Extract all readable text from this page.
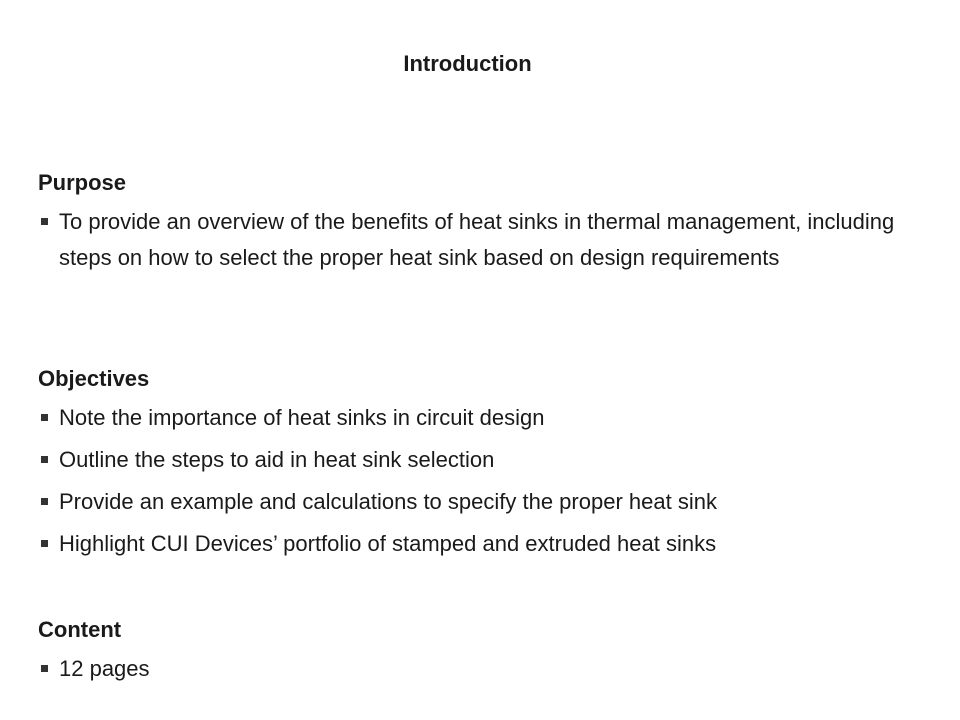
Introduction
Purpose
To provide an overview of the benefits of heat sinks in thermal management, including steps on how to select the proper heat sink based on design requirements
Objectives
Note the importance of heat sinks in circuit design
Outline the steps to aid in heat sink selection
Provide an example and calculations to specify the proper heat sink
Highlight CUI Devices’ portfolio of stamped and extruded heat sinks
Content
12 pages
